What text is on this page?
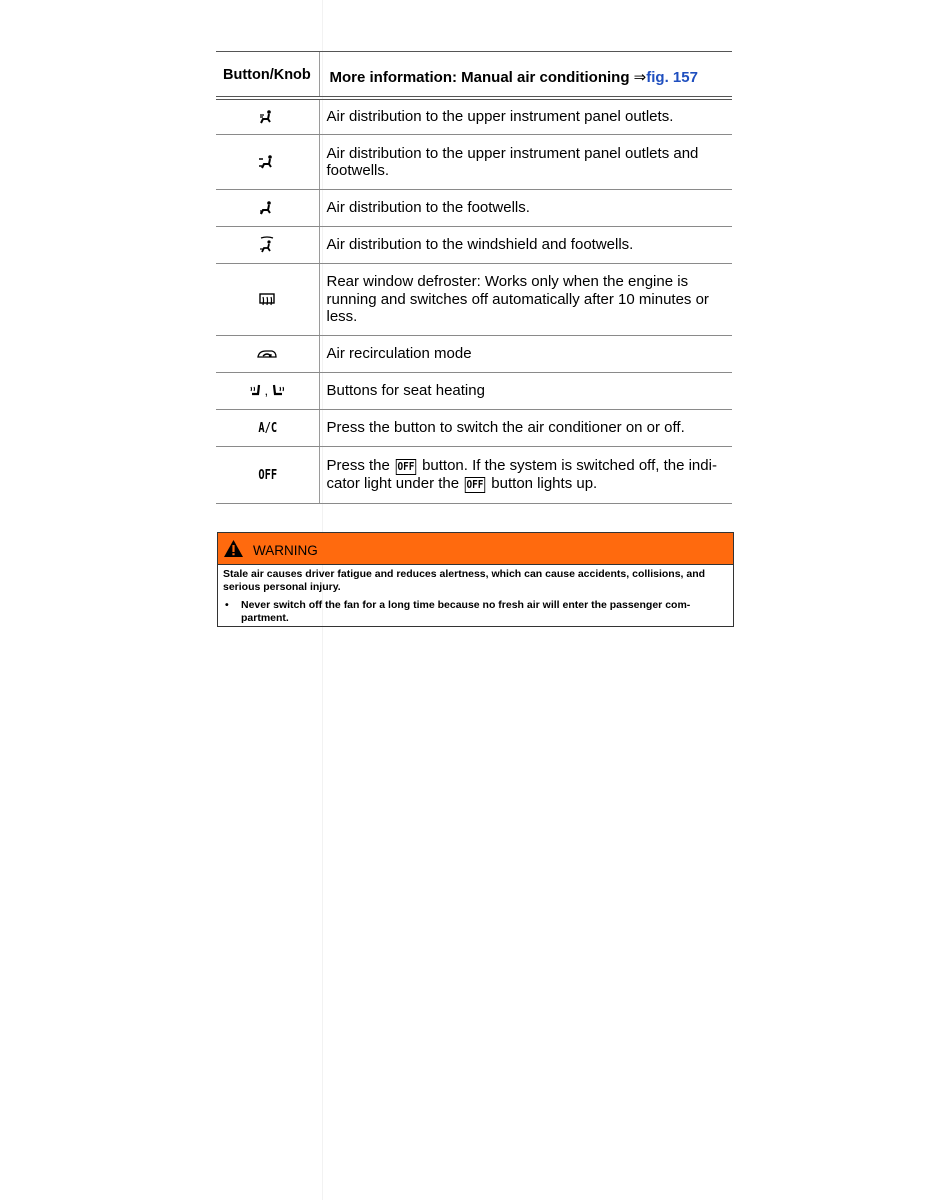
Button/Knob	More information: Manual air conditioning ⇒fig. 157
	Air distribution to the upper instrument panel outlets.
	Air distribution to the upper instrument panel outlets and footwells.
	Air distribution to the footwells.
	Air distribution to the windshield and footwells.
	Rear window defroster: Works only when the engine is running and switches off automatically after 10 minutes or less.
	Air recirculation mode
,	Buttons for seat heating
A/C	Press the button to switch the air conditioner on or off.
OFF	Press the OFF button. If the system is switched off, the indi-cator light under the OFF button lights up.
WARNING

Stale air causes driver fatigue and reduces alertness, which can cause accidents, collisions, and serious personal injury.

•	Never switch off the fan for a long time because no fresh air will enter the passenger com-partment.
